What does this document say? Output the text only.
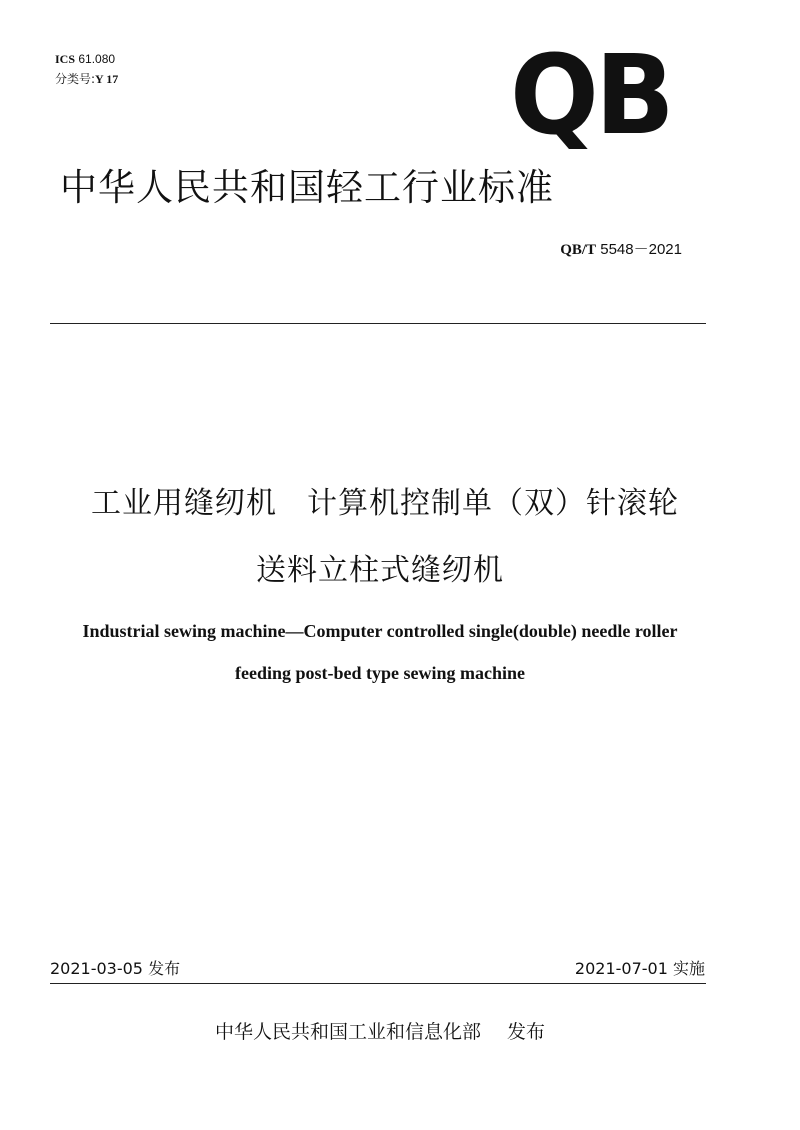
ICS 61.080
分类号:Y 17	QB
中华人民共和国轻工行业标准
QB/T 5548－2021
工业用缝纫机 计算机控制单（双）针滚轮
送料立柱式缝纫机
Industrial sewing machine—Computer controlled single(double) needle roller
feeding post-bed type sewing machine
2021-03-05 发布	2021-07-01 实施
中华人民共和国工业和信息化部 发布
